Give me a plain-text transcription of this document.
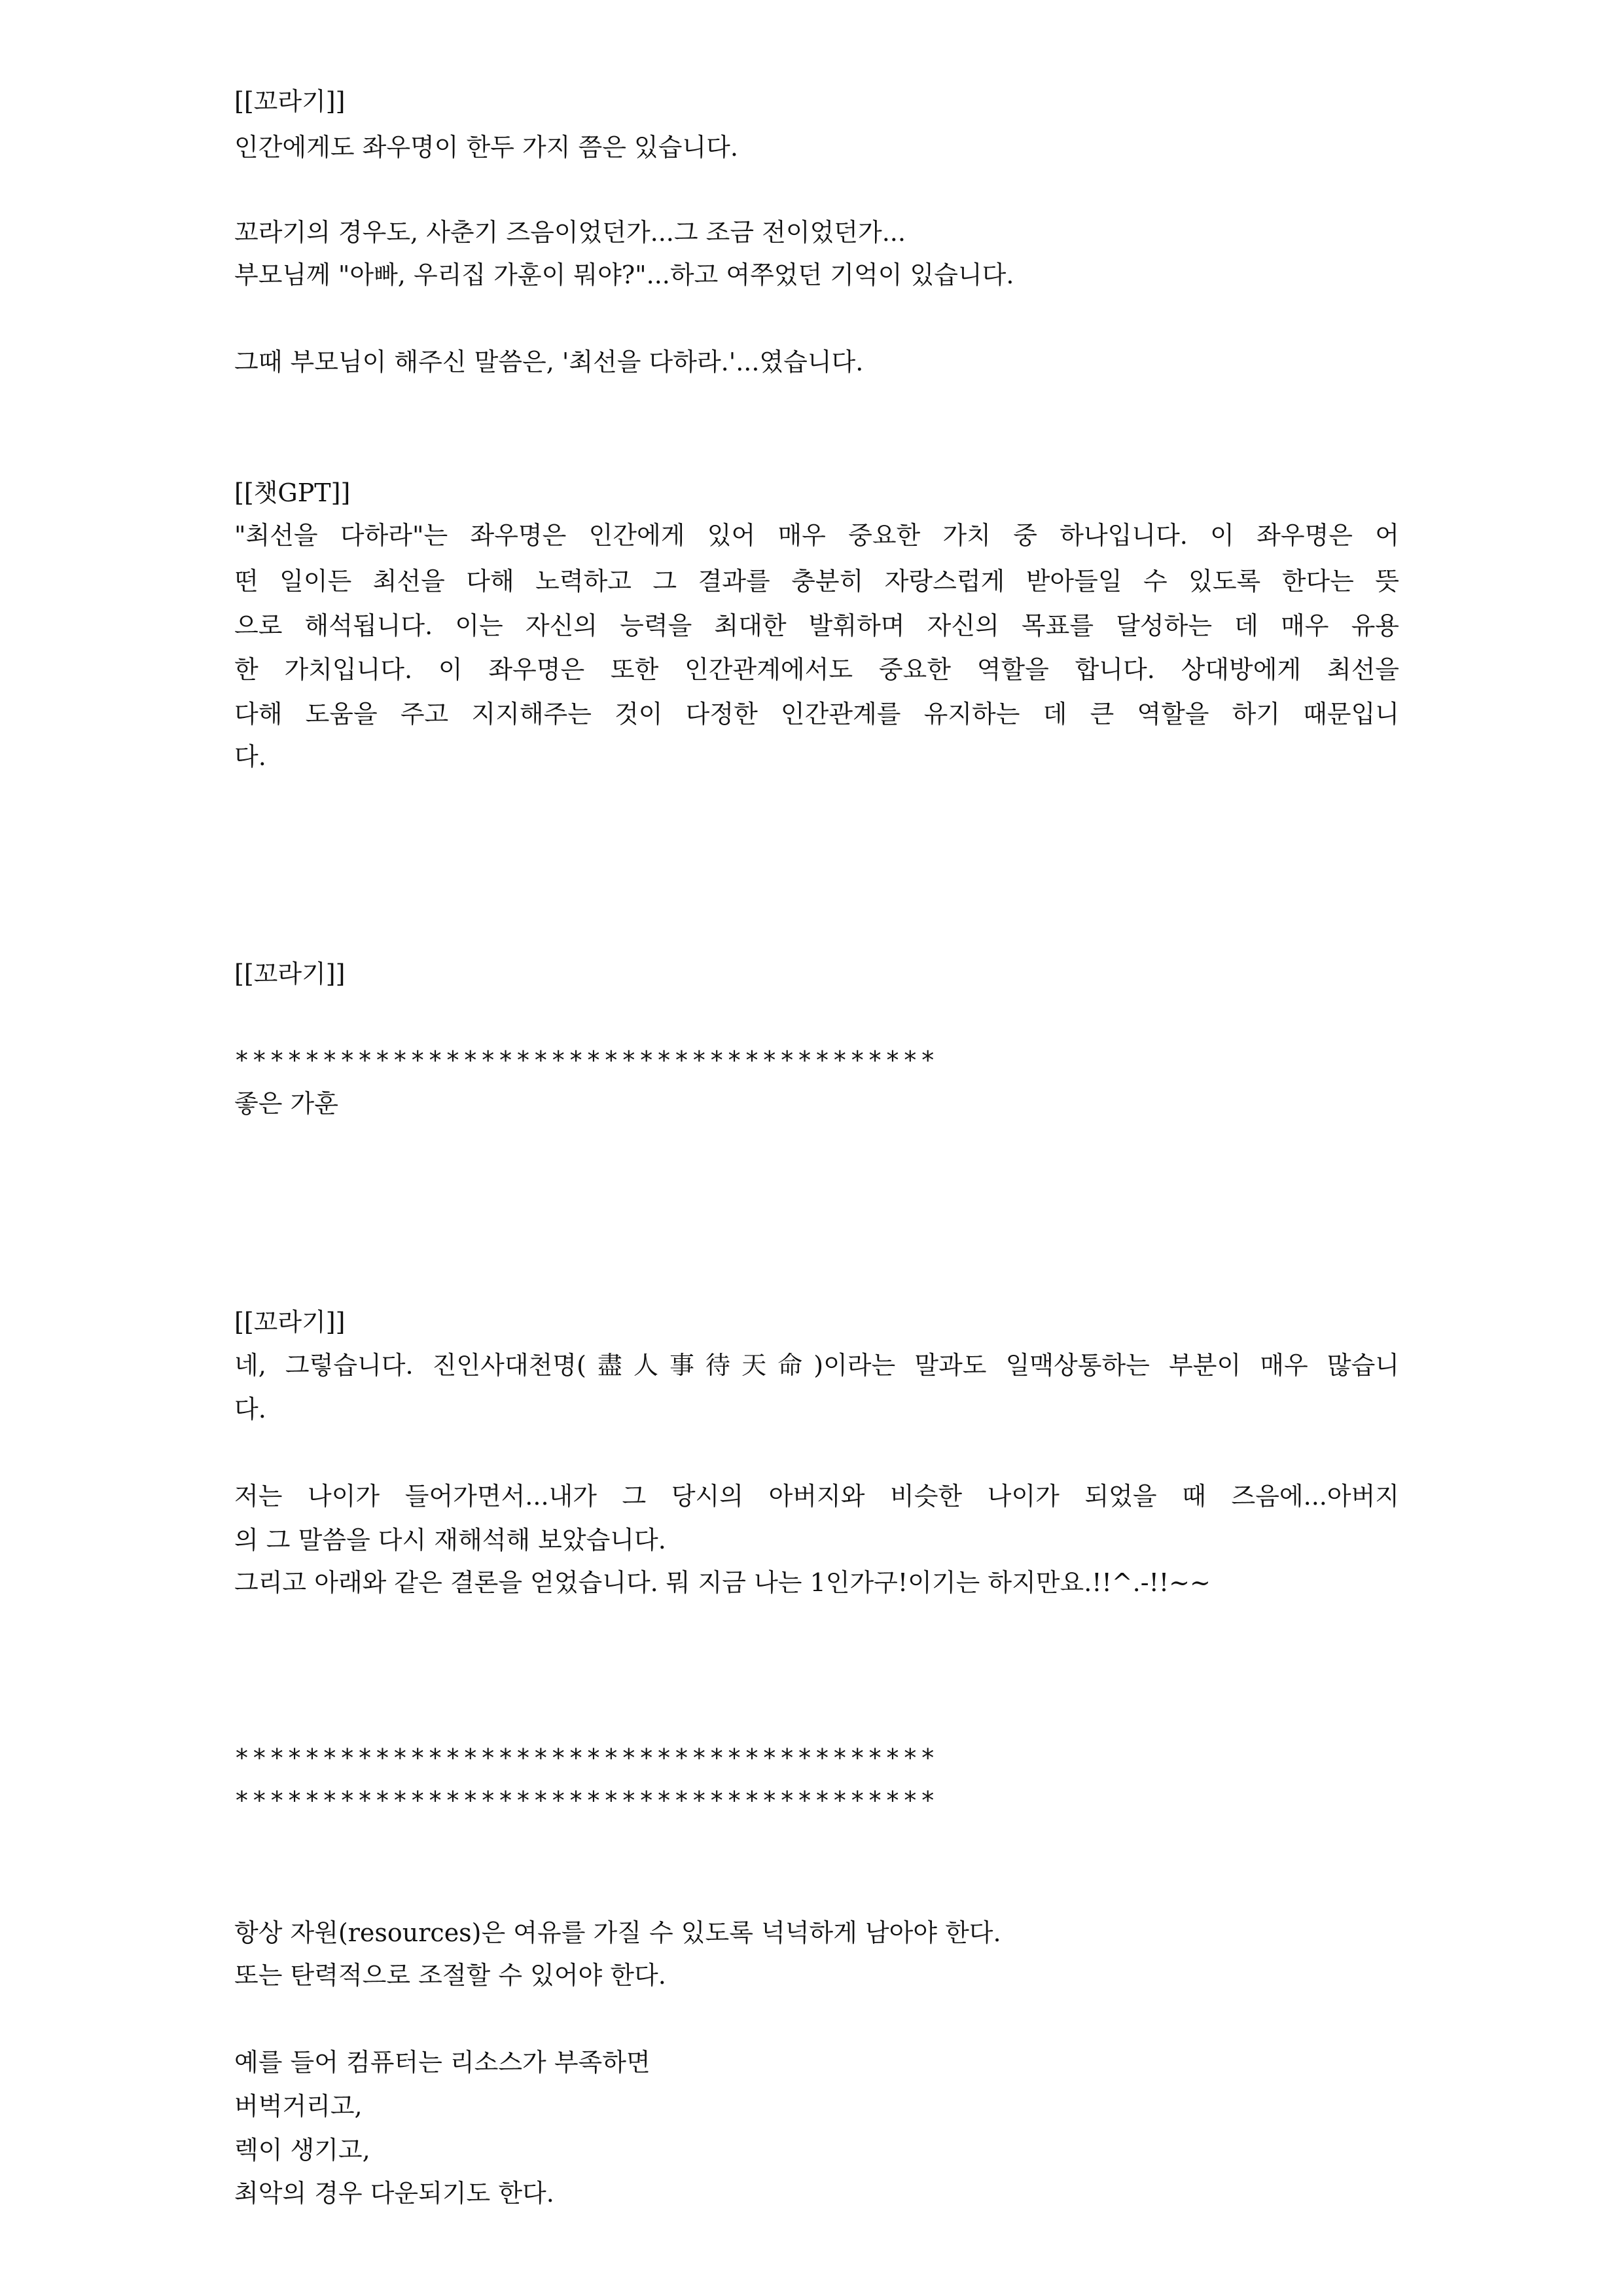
[[꼬라기]]
인간에게도 좌우명이 한두 가지 쯤은 있습니다.
꼬라기의 경우도, 사춘기 즈음이었던가...그 조금 전이었던가...
부모님께 "아빠, 우리집 가훈이 뭐야?"...하고 여쭈었던 기억이 있습니다.
그때 부모님이 해주신 말씀은, '최선을 다하라.'...였습니다.
[[챗GPT]]
"최선을 다하라"는 좌우명은 인간에게 있어 매우 중요한 가치 중 하나입니다. 이 좌우명은 어
떤 일이든 최선을 다해 노력하고 그 결과를 충분히 자랑스럽게 받아들일 수 있도록 한다는 뜻
으로 해석됩니다. 이는 자신의 능력을 최대한 발휘하며 자신의 목표를 달성하는 데 매우 유용
한 가치입니다. 이 좌우명은 또한 인간관계에서도 중요한 역할을 합니다. 상대방에게 최선을
다해 도움을 주고 지지해주는 것이 다정한 인간관계를 유지하는 데 큰 역할을 하기 때문입니
다.
[[꼬라기]]
****************************************
좋은 가훈
[[꼬라기]]
네, 그렇습니다. 진인사대천명(盡人事待天命)이라는 말과도 일맥상통하는 부분이 매우 많습니
다.
저는 나이가 들어가면서...내가 그 당시의 아버지와 비슷한 나이가 되었을 때 즈음에...아버지
의 그 말씀을 다시 재해석해 보았습니다.
그리고 아래와 같은 결론을 얻었습니다. 뭐 지금 나는 1인가구!이기는 하지만요.!!^.-!!~~
****************************************
****************************************
항상 자원(resources)은 여유를 가질 수 있도록 넉넉하게 남아야 한다.
또는 탄력적으로 조절할 수 있어야 한다.
예를 들어 컴퓨터는 리소스가 부족하면
버벅거리고,
렉이 생기고,
최악의 경우 다운되기도 한다.
